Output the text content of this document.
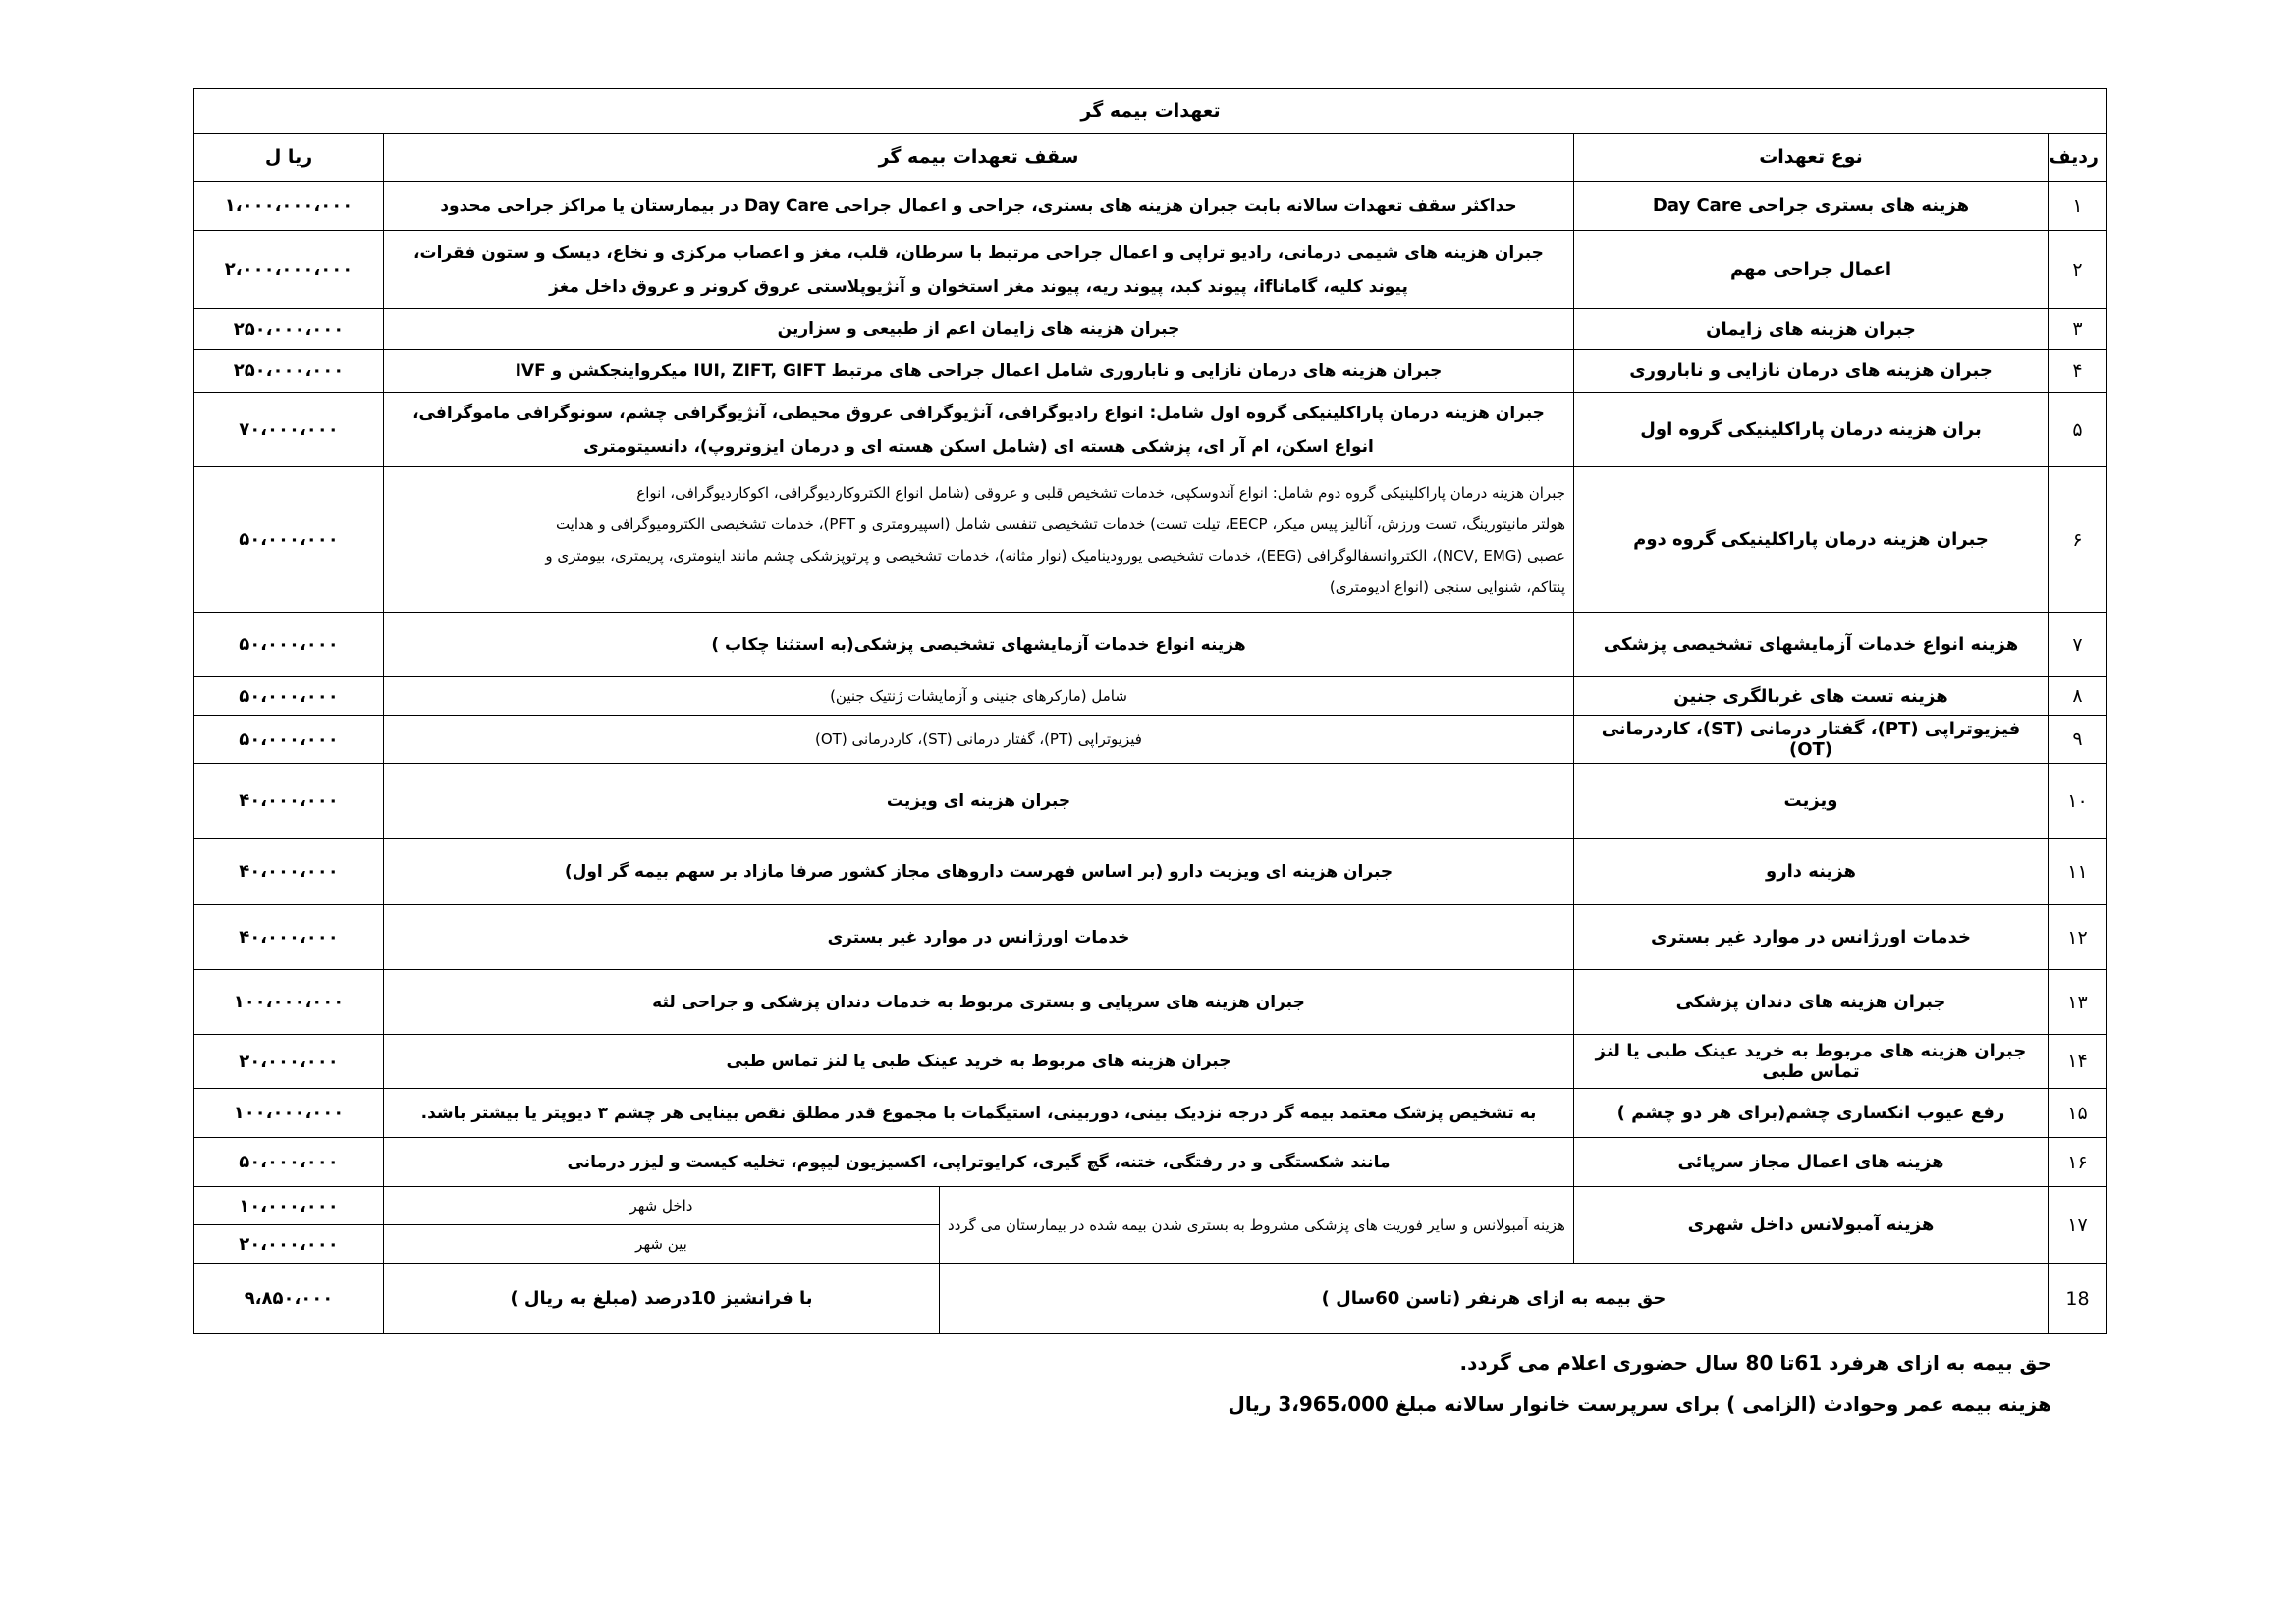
تعهدات بیمه گر				
ردیف	نوع تعهدات	سقف تعهدات بیمه گر		ریا ل
۱	هزینه های بستری جراحی Day Care	حداکثر سقف تعهدات سالانه بابت جبران هزینه های بستری، جراحی و اعمال جراحی Day Care در بیمارستان یا مراکز جراحی محدود		۱،۰۰۰،۰۰۰،۰۰۰
۲	اعمال جراحی مهم	جبران هزینه های شیمی درمانی، رادیو تراپی و اعمال جراحی مرتبط با سرطان، قلب، مغز و اعصاب مرکزی و نخاع، دیسک و ستون فقرات، پیوند کلیه، گاماناif، پیوند کبد، پیوند ریه، پیوند مغز استخوان و آنژیوپلاستی عروق کرونر و عروق داخل مغز		۲،۰۰۰،۰۰۰،۰۰۰
۳	جبران هزینه های زایمان	جبران هزینه های زایمان اعم از طبیعی و سزارین		۲۵۰،۰۰۰،۰۰۰
۴	جبران هزینه های درمان نازایی و ناباروری	جبران هزینه های درمان نازایی و ناباروری شامل اعمال جراحی های مرتبط IUI, ZIFT, GIFT میکرواینجکشن و IVF		۲۵۰،۰۰۰،۰۰۰
۵	بران هزینه درمان پاراکلینیکی گروه اول	جبران هزینه درمان پاراکلینیکی گروه اول شامل: انواع رادیوگرافی، آنژیوگرافی عروق محیطی، آنژیوگرافی چشم، سونوگرافی ماموگرافی، انواع اسکن، ام آر ای، پزشکی هسته ای (شامل اسکن هسته ای و درمان ایزوتروپ)، دانسیتومتری		۷۰،۰۰۰،۰۰۰
۶	جبران هزینه درمان پاراکلینیکی گروه دوم	جبران هزینه درمان پاراکلینیکی گروه دوم شامل: انواع آندوسکپی، خدمات تشخیص قلبی و عروقی (شامل انواع الکتروکاردیوگرافی، اکوکاردیوگرافی، انواع
هولتر مانیتورینگ، تست ورزش، آنالیز پیس میکر، EECP، تیلت تست) خدمات تشخیصی تنفسی شامل (اسپیرومتری و PFT)، خدمات تشخیصی الکترومیوگرافی و هدایت
عصبی (NCV, EMG)، الکتروانسفالوگرافی (EEG)، خدمات تشخیصی یورودینامیک (نوار مثانه)، خدمات تشخیصی و پرتوپزشکی چشم مانند اینومتری، پریمتری، بیومتری و
پنتاکم، شنوایی سنجی (انواع ادیومتری)		۵۰،۰۰۰،۰۰۰
۷	هزینه انواع خدمات آزمایشهای تشخیصی پزشکی	هزینه انواع خدمات آزمایشهای تشخیصی پزشکی(به استثنا چکاب )		۵۰،۰۰۰،۰۰۰
۸	هزینه تست های غربالگری جنین	شامل (مارکرهای جنینی و آزمایشات ژنتیک جنین)		۵۰،۰۰۰،۰۰۰
۹	فیزیوتراپی (PT)، گفتار درمانی (ST)، کاردرمانی (OT)	فیزیوتراپی (PT)، گفتار درمانی (ST)، کاردرمانی (OT)		۵۰،۰۰۰،۰۰۰
۱۰	ویزیت	جبران هزینه ای ویزیت		۴۰،۰۰۰،۰۰۰
۱۱	هزینه دارو	جبران هزینه ای ویزیت دارو (بر اساس فهرست داروهای مجاز کشور صرفا مازاد بر سهم بیمه گر اول)		۴۰،۰۰۰،۰۰۰
۱۲	خدمات اورژانس در موارد غیر بستری	خدمات اورژانس در موارد غیر بستری		۴۰،۰۰۰،۰۰۰
۱۳	جبران هزینه های دندان پزشکی	جبران هزینه های سرپایی و بستری مربوط به خدمات دندان پزشکی و جراحی لثه		۱۰۰،۰۰۰،۰۰۰
۱۴	جبران هزینه های مربوط به خرید عینک طبی یا لنز تماس طبی	جبران هزینه های مربوط به خرید عینک طبی یا لنز تماس طبی		۲۰،۰۰۰،۰۰۰
۱۵	رفع عیوب انکساری چشم(برای هر دو چشم )	به تشخیص پزشک معتمد بیمه گر درجه نزدیک بینی، دوربینی، استیگمات با مجموع قدر مطلق نقص بینایی هر چشم ۳ دیوپتر یا بیشتر باشد.		۱۰۰،۰۰۰،۰۰۰
۱۶	هزینه های اعمال مجاز سرپائی	مانند شکستگی و در رفتگی، ختنه، گچ گیری، کرایوتراپی، اکسیزیون لیپوم، تخلیه کیست و لیزر درمانی		۵۰،۰۰۰،۰۰۰
۱۷	هزینه آمبولانس داخل شهری	هزینه آمبولانس و سایر فوریت های پزشکی مشروط به بستری شدن بیمه شده در بیمارستان می گردد	داخل شهر	۱۰،۰۰۰،۰۰۰
			بین شهر	۲۰،۰۰۰،۰۰۰
18	حق بیمه به ازای هرنفر (تاسن 60سال )		با فرانشیز 10درصد (مبلغ به ریال )	۹،۸۵۰،۰۰۰
حق بیمه به ازای هرفرد 61تا 80 سال حضوری اعلام می گردد.
هزینه بیمه عمر وحوادث (الزامی ) برای سرپرست خانوار سالانه مبلغ 3،965،000 ریال
